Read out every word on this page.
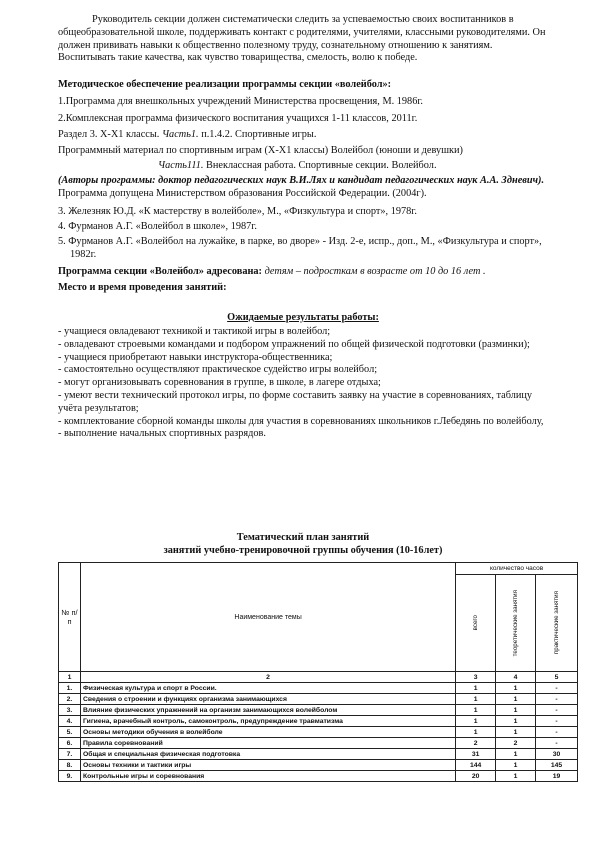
Руководитель секции должен систематически следить за успеваемостью своих воспитанников в общеобразовательной школе, поддерживать контакт с родителями, учителями, классными руководителями. Он должен прививать навыки к общественно полезному труду, сознательному отношению к занятиям. Воспитывать такие качества, как чувство товарищества, смелость, волю к победе.

Методическое обеспечение реализации программы секции «волейбол»:

1.Программа для внешкольных учреждений Министерства просвещения, М. 1986г.

2.Комплексная программа физического воспитания учащихся 1-11 классов, 2011г.

Раздел 3. Х-Х1 классы. Часть1. п.1.4.2. Спортивные игры.

Программный материал по спортивным играм (Х-Х1 классы) Волейбол (юноши и девушки)

Часть111. Внеклассная работа. Спортивные секции. Волейбол.

(Авторы программы: доктор педагогических наук В.И.Лях и кандидат педагогических наук А.А. Здневич). Программа допущена Министерством образования Российской Федерации. (2004г).

3. Железняк Ю.Д. «К мастерству в волейболе», М., «Физкультура и спорт», 1978г.

4. Фурманов А.Г. «Волейбол в школе», 1987г.

5. Фурманов А.Г. «Волейбол на лужайке, в парке, во дворе» - Изд. 2-е, испр., доп., М., «Физкультура и спорт», 1982г.

Программа секции «Волейбол» адресована: детям – подросткам в возрасте от 10 до 16 лет .

Место и время проведения занятий:

Ожидаемые результаты работы:

- учащиеся овладевают техникой и тактикой игры в волейбол;
- овладевают строевыми командами и подбором упражнений по общей физической подготовки (разминки);
- учащиеся приобретают навыки инструктора-общественника;
- самостоятельно осуществляют практическое судейство игры волейбол;
- могут организовывать соревнования в группе, в школе, в лагере отдыха;
- умеют вести технический протокол игры, по форме составить заявку на участие в соревнованиях, таблицу учёта результатов;
- комплектование сборной команды школы для участия в соревнованиях школьников г.Лебедянь по волейболу,
- выполнение начальных спортивных разрядов.

Тематический план занятий

занятий учебно-тренировочной группы обучения (10-16лет)

№ п/п	Наименование темы	количество часов		

		всего	теоретические занятия	практические занятия

1	2	3	4	5
1.	Физическая культура и спорт в России.	1	1	-
2.	Сведения о строении и функциях организма занимающихся	1	1	-
3.	Влияние физических упражнений на организм занимающихся волейболом	1	1	-
4.	Гигиена, врачебный контроль, самоконтроль, предупреждение травматизма	1	1	-
5.	Основы методики обучения в волейболе	1	1	-
6.	Правила соревнований	2	2	-
7.	Общая и специальная физическая подготовка	31	1	30
8.	Основы техники и тактики игры	144	1	145
9.	Контрольные игры и соревнования	20	1	19
